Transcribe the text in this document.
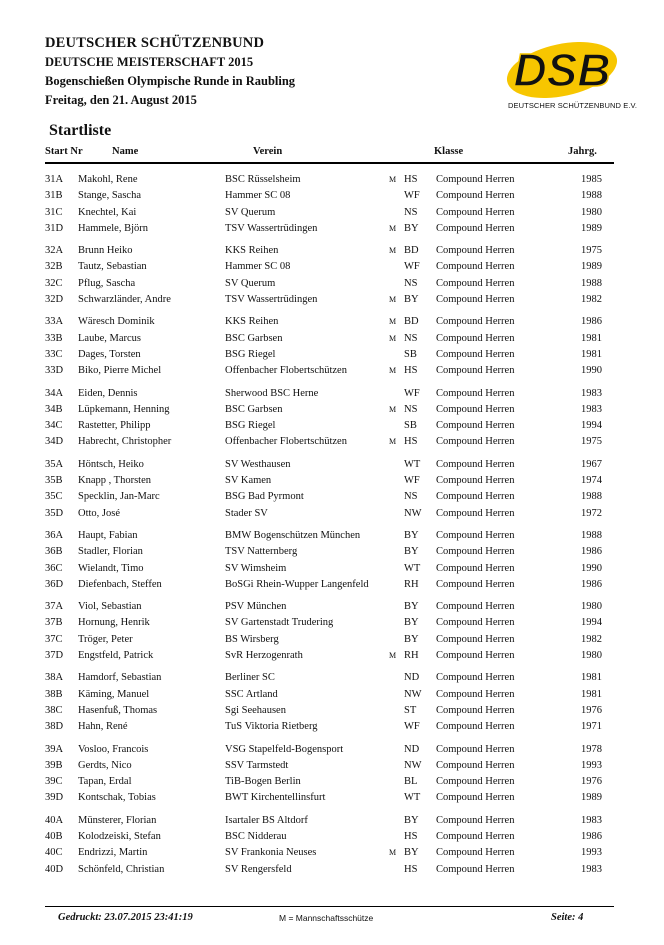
DEUTSCHER SCHÜTZENBUND
DEUTSCHE MEISTERSCHAFT 2015
Bogenschießen Olympische Runde in Raubling
Freitag, den 21. August 2015
DSB
DEUTSCHER SCHÜTZENBUND E.V.
Startliste
Start Nr	Name	Verein	Klasse	Jahrg.
31A Makohl, Rene	BSC Rüsselsheim	M HS Compound Herren	1985
31B Stange, Sascha	Hammer SC 08	WF Compound Herren	1988
31C Knechtel, Kai	SV Querum	NS Compound Herren	1980
31D Hammele, Björn	TSV Wassertrüdingen	M BY Compound Herren	1989
32A Brunn Heiko	KKS Reihen	M BD Compound Herren	1975
32B Tautz, Sebastian	Hammer SC 08	WF Compound Herren	1989
32C Pflug, Sascha	SV Querum	NS Compound Herren	1988
32D Schwarzländer, Andre	TSV Wassertrüdingen	M BY Compound Herren	1982
33A Wäresch Dominik	KKS Reihen	M BD Compound Herren	1986
33B Laube, Marcus	BSC Garbsen	M NS Compound Herren	1981
33C Dages, Torsten	BSG Riegel	SB Compound Herren	1981
33D Biko, Pierre Michel	Offenbacher Flobertschützen	M HS Compound Herren	1990
34A Eiden, Dennis	Sherwood BSC Herne	WF Compound Herren	1983
34B Lüpkemann, Henning	BSC Garbsen	M NS Compound Herren	1983
34C Rastetter, Philipp	BSG Riegel	SB Compound Herren	1994
34D Habrecht, Christopher	Offenbacher Flobertschützen	M HS Compound Herren	1975
35A Höntsch, Heiko	SV Westhausen	WT Compound Herren	1967
35B Knapp , Thorsten	SV Kamen	WF Compound Herren	1974
35C Specklin, Jan-Marc	BSG Bad Pyrmont	NS Compound Herren	1988
35D Otto, José	Stader SV	NW Compound Herren	1972
36A Haupt, Fabian	BMW Bogenschützen München	BY Compound Herren	1988
36B Stadler, Florian	TSV Natternberg	BY Compound Herren	1986
36C Wielandt, Timo	SV Wimsheim	WT Compound Herren	1990
36D Diefenbach, Steffen	BoSGi Rhein-Wupper Langenfeld	RH Compound Herren	1986
37A Viol, Sebastian	PSV München	BY Compound Herren	1980
37B Hornung, Henrik	SV Gartenstadt Trudering	BY Compound Herren	1994
37C Tröger, Peter	BS Wirsberg	BY Compound Herren	1982
37D Engstfeld, Patrick	SvR Herzogenrath	M RH Compound Herren	1980
38A Hamdorf, Sebastian	Berliner SC	ND Compound Herren	1981
38B Käming, Manuel	SSC Artland	NW Compound Herren	1981
38C Hasenfuß, Thomas	Sgi Seehausen	ST Compound Herren	1976
38D Hahn, René	TuS Viktoria Rietberg	WF Compound Herren	1971
39A Vosloo, Francois	VSG Stapelfeld-Bogensport	ND Compound Herren	1978
39B Gerdts, Nico	SSV Tarmstedt	NW Compound Herren	1993
39C Tapan, Erdal	TiB-Bogen Berlin	BL Compound Herren	1976
39D Kontschak, Tobias	BWT Kirchentellinsfurt	WT Compound Herren	1989
40A Münsterer, Florian	Isartaler BS Altdorf	BY Compound Herren	1983
40B Kolodzeiski, Stefan	BSC Nidderau	HS Compound Herren	1986
40C Endrizzi, Martin	SV Frankonia Neuses	M BY Compound Herren	1993
40D Schönfeld, Christian	SV Rengersfeld	HS Compound Herren	1983
Gedruckt: 23.07.2015 23:41:19	M = Mannschaftsschütze	Seite: 4
